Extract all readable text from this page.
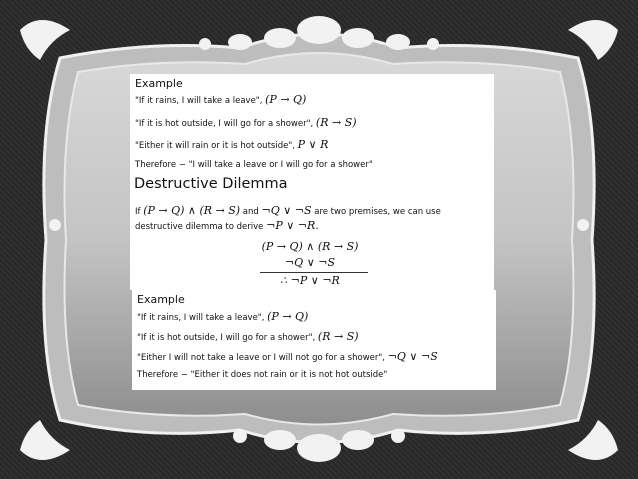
Example
"If it rains, I will take a leave", (P → Q)
"If it is hot outside, I will go for a shower", (R → S)
"Either it will rain or it is hot outside", P ∨ R
Therefore − "I will take a leave or I will go for a shower"
Destructive Dilemma
If (P → Q) ∧ (R → S) and ¬Q ∨ ¬S are two premises, we can use destructive dilemma to derive ¬P ∨ ¬R.
(P → Q) ∧ (R → S)
¬Q ∨ ¬S
∴ ¬P ∨ ¬R
Example
"If it rains, I will take a leave", (P → Q)
"If it is hot outside, I will go for a shower", (R → S)
"Either I will not take a leave or I will not go for a shower", ¬Q ∨ ¬S
Therefore − "Either it does not rain or it is not hot outside"
